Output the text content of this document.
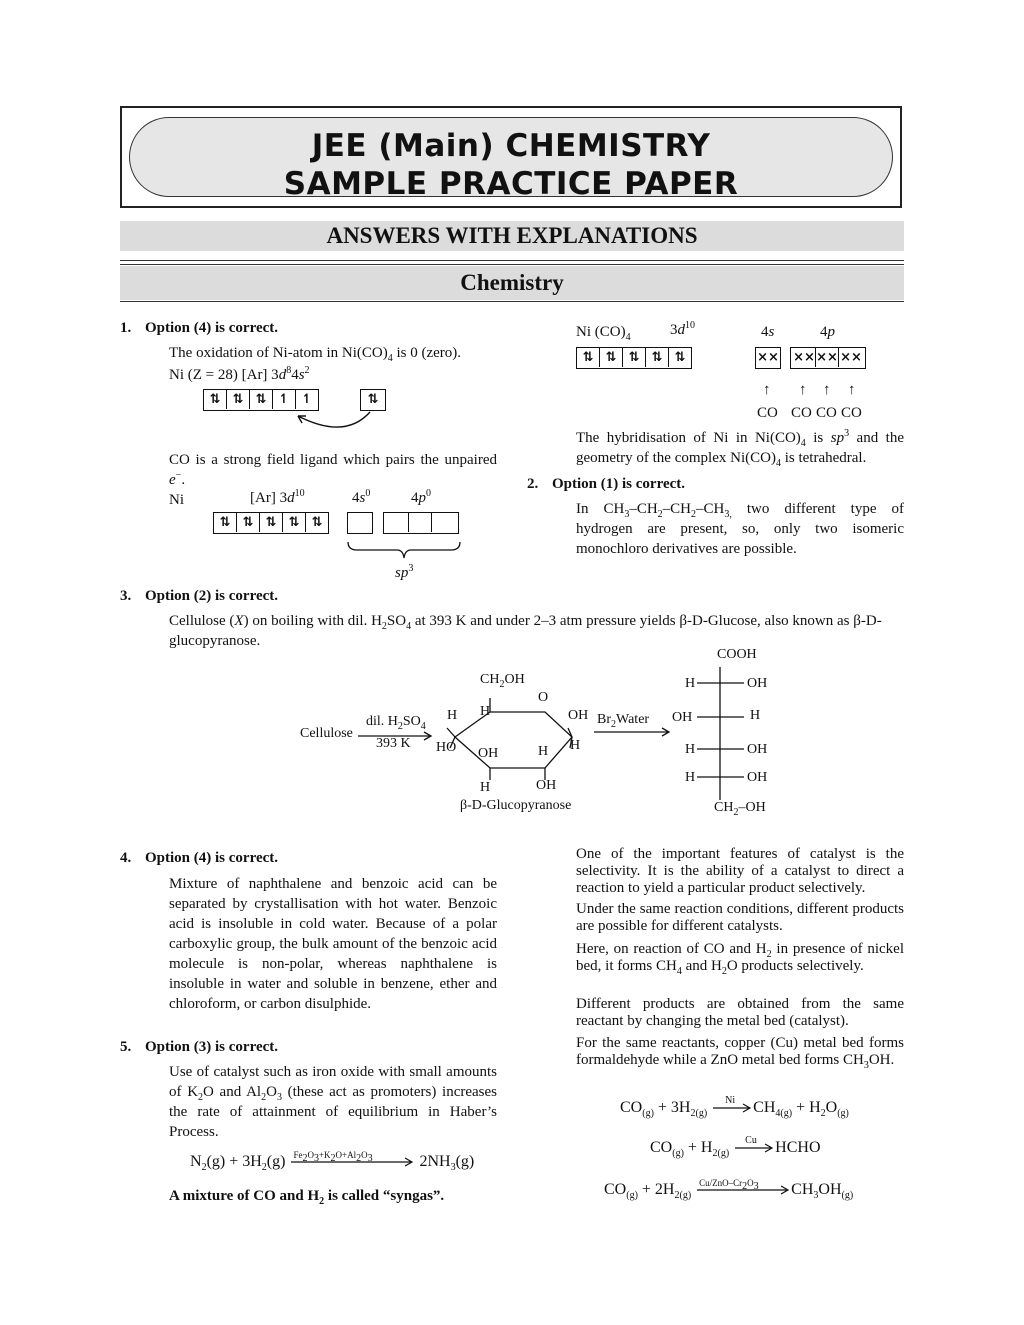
JEE (Main) CHEMISTRY
SAMPLE PRACTICE PAPER
ANSWERS WITH EXPLANATIONS
Chemistry
1. Option (4) is correct.
The oxidation of Ni-atom in $Ni(CO)_4$ is 0 (zero).
Ni (Z = 28) [Ar] $3d^84s^2$
⇅ ⇅ ⇅ ↿ ↿	⇅
CO is a strong field ligand which pairs the unpaired e−.
Ni	[Ar] $3d^{10}$	$4s^0$	$4p^0$
⇅ ⇅ ⇅ ⇅ ⇅
$sp^3$
Ni $(CO)_4$	$3d^{10}$	4s	4p
⇅ ⇅ ⇅ ⇅ ⇅	×× ×××× ××
↑ ↑ ↑ ↑
CO CO CO CO
The hybridisation of Ni in $Ni(CO)_4$ is $sp^3$ and the geometry of the complex $Ni(CO)_4$ is tetrahedral.
2. Option (1) is correct.
In $CH_3-CH_2-CH_2-CH_{3,}$ two different type of hydrogen are present, so, only two isomeric monochloro derivatives are possible.
3. Option (2) is correct.
Cellulose (X) on boiling with dil. $H_2SO_4$ at 393 K and under 2–3 atm pressure yields β-D-Glucose, also known as β-D-glucopyranose.
Cellulose
dil. $H_2SO_4$
393 K
$CH_2OH$
O
H H	OH
H
HO OH	H
H	OH
β-D-Glucopyranose
$Br_2Water$
COOH
H	OH
OH	H
H	OH
H	OH
$CH_2-OH$
4. Option (4) is correct.
Mixture of naphthalene and benzoic acid can be separated by crystallisation with hot water. Benzoic acid is insoluble in cold water. Because of a polar carboxylic group, the bulk amount of the benzoic acid molecule is non-polar, whereas naphthalene is insoluble in water and soluble in benzene, ether and chloroform, or carbon disulphide.
5. Option (3) is correct.
Use of catalyst such as iron oxide with small amounts of $K_2O$ and $Al_2O_3$ (these act as promoters) increases the rate of attainment of equilibrium in Haber’s Process.
$N_2(g) + 3H_2(g)$ $Fe_2O_3+K_2O+Al_2O_3$	$2NH_3(g)$
A mixture of CO and $H_2$ is called “syngas”.
One of the important features of catalyst is the selectivity. It is the ability of a catalyst to direct a reaction to yield a particular product selectively.
Under the same reaction conditions, different products are possible for different catalysts.
Here, on reaction of CO and $H_2$ in presence of nickel bed, it forms $CH_4$ and $H_2O$ products selectively.
Different products are obtained from the same reactant by changing the metal bed (catalyst).
For the same reactants, copper (Cu) metal bed forms formaldehyde while a ZnO metal bed forms $CH_3OH$.
$CO_{(g)} + 3H_{2(g)}$
Ni $CH_{4(g)} + H_2O_{(g)}$
$CO_{(g)} + H_{2(g)}$
Cu HCHO
$CO_{(g)} + 2H_{2(g)}$
$Cu/ZnO-Cr_2O_3$ $CH_3OH_{(g)}$
